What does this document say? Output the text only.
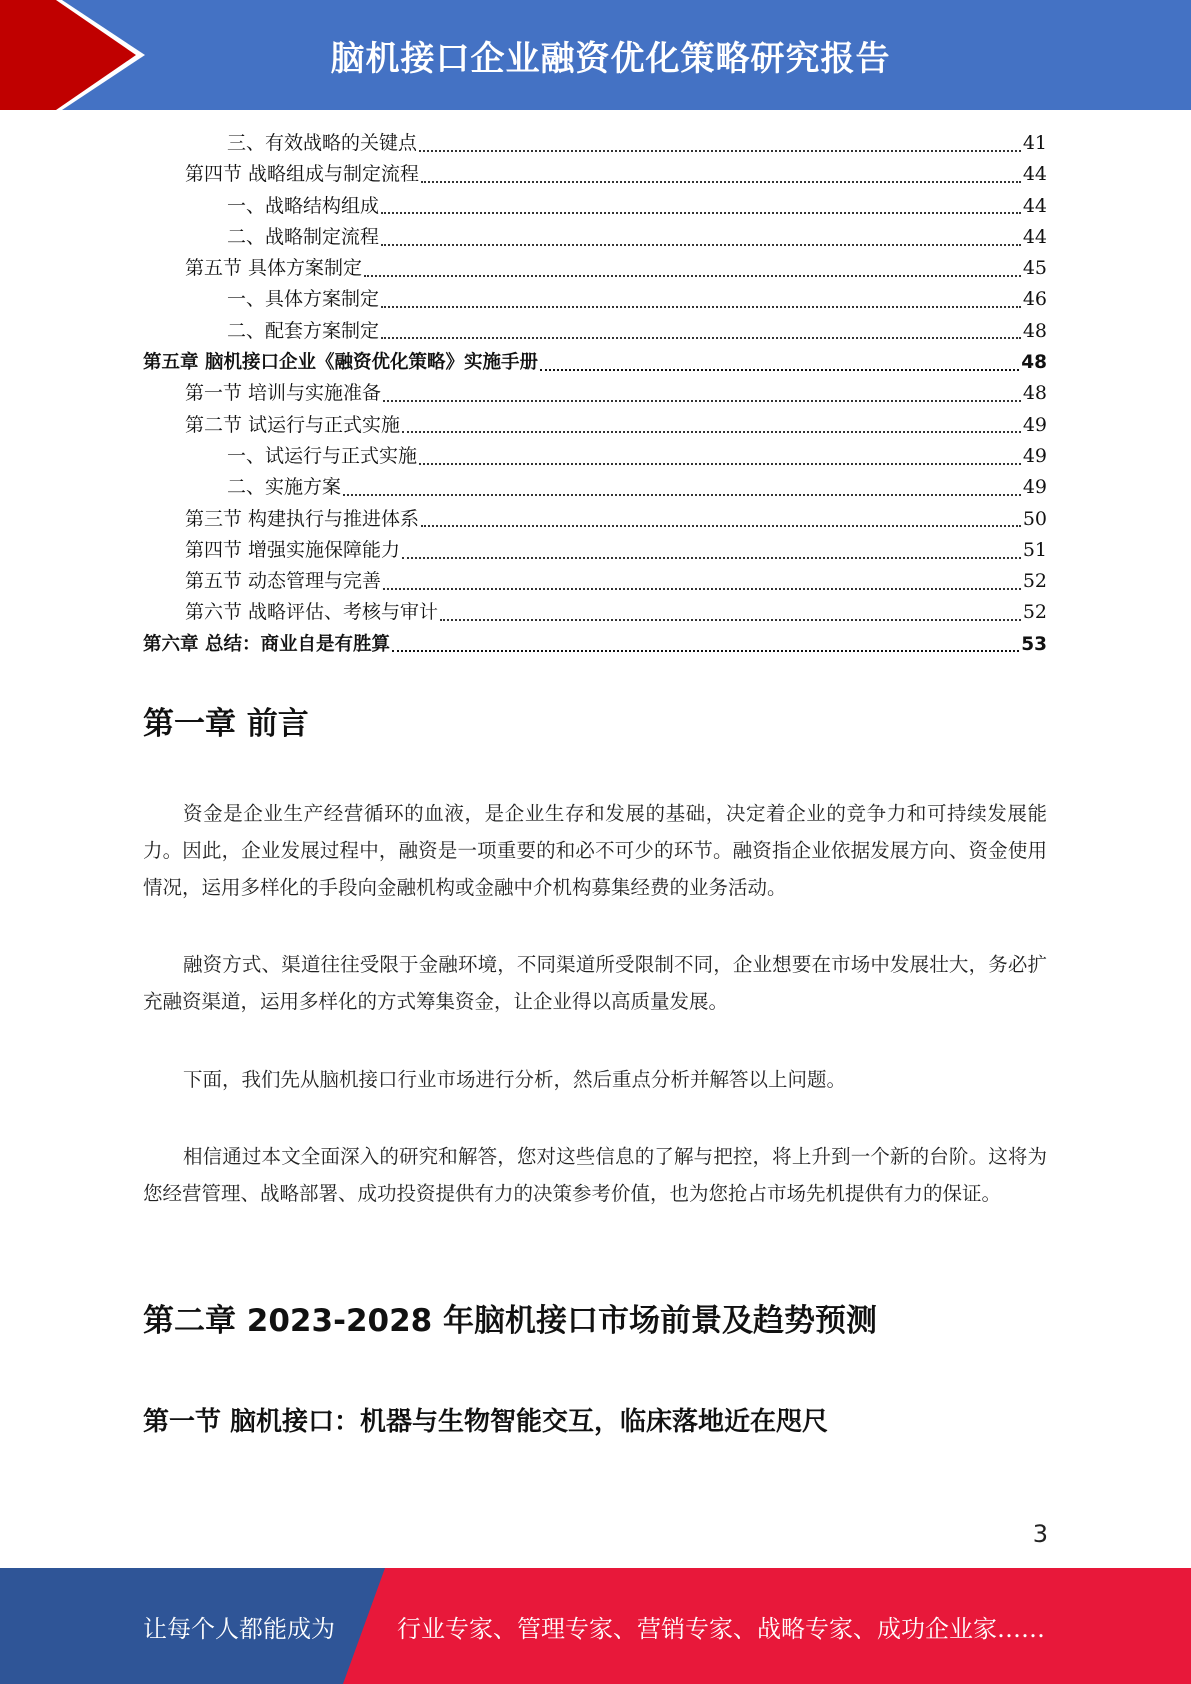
脑机接口企业融资优化策略研究报告
三、有效战略的关键点	41
第四节 战略组成与制定流程	44
一、战略结构组成	44
二、战略制定流程	44
第五节 具体方案制定	45
一、具体方案制定	46
二、配套方案制定	48
第五章 脑机接口企业《融资优化策略》实施手册	48
第一节 培训与实施准备	48
第二节 试运行与正式实施	49
一、试运行与正式实施	49
二、实施方案	49
第三节 构建执行与推进体系	50
第四节 增强实施保障能力	51
第五节 动态管理与完善	52
第六节 战略评估、考核与审计	52
第六章 总结：商业自是有胜算	53
第一章 前言

资金是企业生产经营循环的血液，是企业生存和发展的基础，决定着企业的竞争力和可持续发展能力。因此，企业发展过程中，融资是一项重要的和必不可少的环节。融资指企业依据发展方向、资金使用情况，运用多样化的手段向金融机构或金融中介机构募集经费的业务活动。

融资方式、渠道往往受限于金融环境，不同渠道所受限制不同，企业想要在市场中发展壮大，务必扩充融资渠道，运用多样化的方式筹集资金，让企业得以高质量发展。

下面，我们先从脑机接口行业市场进行分析，然后重点分析并解答以上问题。

相信通过本文全面深入的研究和解答，您对这些信息的了解与把控，将上升到一个新的台阶。这将为您经营管理、战略部署、成功投资提供有力的决策参考价值，也为您抢占市场先机提供有力的保证。

第二章 2023-2028 年脑机接口市场前景及趋势预测
第一节 脑机接口：机器与生物智能交互，临床落地近在咫尺
3
让每个人都能成为	行业专家、管理专家、营销专家、战略专家、成功企业家……
